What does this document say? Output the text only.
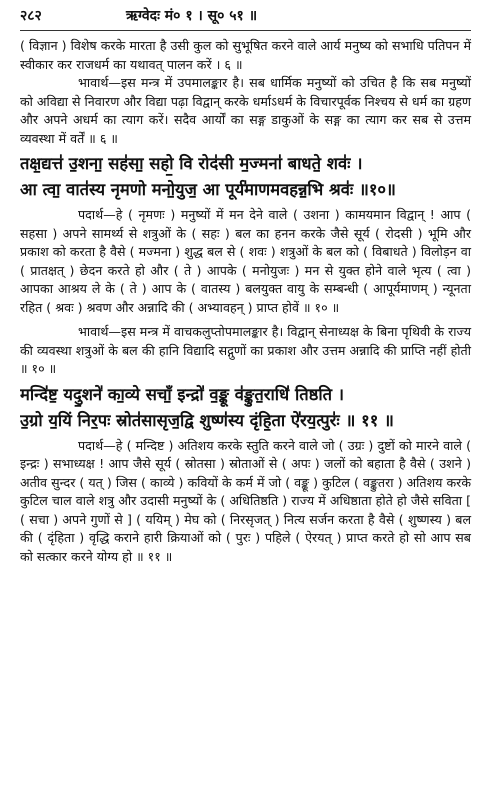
२८२	ऋग्वेदः मं० १ । सू० ५१ ॥

( विज्ञान ) विशेष करके मारता है उसी कुल को सुभूषित करने वाले आर्य मनुष्य को सभाधि पतिपन में स्वीकार कर राजधर्म का यथावत् पालन करें । ६ ॥

भावार्थ—इस मन्त्र में उपमालङ्कार है। सब धार्मिक मनुष्यों को उचित है कि सब मनुष्यों को अविद्या से निवारण और विद्या पढ़ा विद्वान् करके धर्माऽधर्म के विचारपूर्वक निश्चय से धर्म का ग्रहण और अपने अधर्म का त्याग करें। सदैव आर्यों का सङ्ग डाकुओं के सङ्ग का त्याग कर सब से उत्तम व्यवस्था में वर्तें ॥ ६ ॥

तक्ष॒द्यत्त॑ उ॒शना॒ सह॑सा॒ सहो॒ वि रोद॑सी म॒ज्मना॑ बाधते॒ शवः॑ ।
आ त्वा॒ वात॑स्य नृमणो मनो॒युज॒ आ पूर्य॑माणमवहन्न॒भि श्रवः॑ ॥१०॥

पदार्थ—हे ( नृमणः ) मनुष्यों में मन देने वाले ( उशना ) कामयमान विद्वान् ! आप ( सहसा ) अपने सामर्थ्य से शत्रुओं के ( सहः ) बल का हनन करके जैसे सूर्य ( रोदसी ) भूमि और प्रकाश को करता है वैसे ( मज्मना ) शुद्ध बल से ( शवः ) शत्रुओं के बल को ( विबाधते ) विलोड़न वा ( प्रातक्षत् ) छेदन करते हो और ( ते ) आपके ( मनोयुजः ) मन से युक्त होने वाले भृत्य ( त्वा ) आपका आश्रय ले के ( ते ) आप के ( वातस्य ) बलयुक्त वायु के सम्बन्धी ( आपूर्यमाणम् ) न्यूनता रहित ( श्रवः ) श्रवण और अन्नादि की ( अभ्यावहन् ) प्राप्त होवें ॥ १० ॥

भावार्थ—इस मन्त्र में वाचकलुप्तोपमालङ्कार है। विद्वान् सेनाध्यक्ष के बिना पृथिवी के राज्य की व्यवस्था शत्रुओं के बल की हानि विद्यादि सद्गुणों का प्रकाश और उत्तम अन्नादि की प्राप्ति नहीं होती ॥ १० ॥

मन्दि॑ष्ट॒ यदु॒शने॑ का॒व्ये सचाँ॒ इन्द्रो॑ व॒ङ्कू व॑ङ्कुत॒राधि॑ तिष्ठति ।
उ॒ग्रो य॒यिं निर॒पः स्रोत॑सासृज॒द्वि शुष्ण॑स्य दृंहि॒ता ऐ॑रय॒त्पुरः॑ ॥ ११ ॥

पदार्थ—हे ( मन्दिष्ट ) अतिशय करके स्तुति करने वाले जो ( उग्रः ) दुष्टों को मारने वाले ( इन्द्रः ) सभाध्यक्ष ! आप जैसे सूर्य ( स्रोतसा ) स्रोताओं से ( अपः ) जलों को बहाता है वैसे ( उशने ) अतीव सुन्दर ( यत् ) जिस ( काव्ये ) कवियों के कर्म में जो ( वङ्कू ) कुटिल ( वङ्कुतरा ) अतिशय करके कुटिल चाल वाले शत्रु और उदासी मनुष्यों के ( अधितिष्ठति ) राज्य में अधिष्ठाता होते हो जैसे सविता [ ( सचा ) अपने गुणों से ] ( ययिम् ) मेघ को ( निरसृजत् ) नित्य सर्जन करता है वैसे ( शुष्णस्य ) बल की ( दृंहिता ) वृद्धि कराने हारी क्रियाओं को ( पुरः ) पहिले ( ऐरयत् ) प्राप्त करते हो सो आप सब को सत्कार करने योग्य हो ॥ ११ ॥
